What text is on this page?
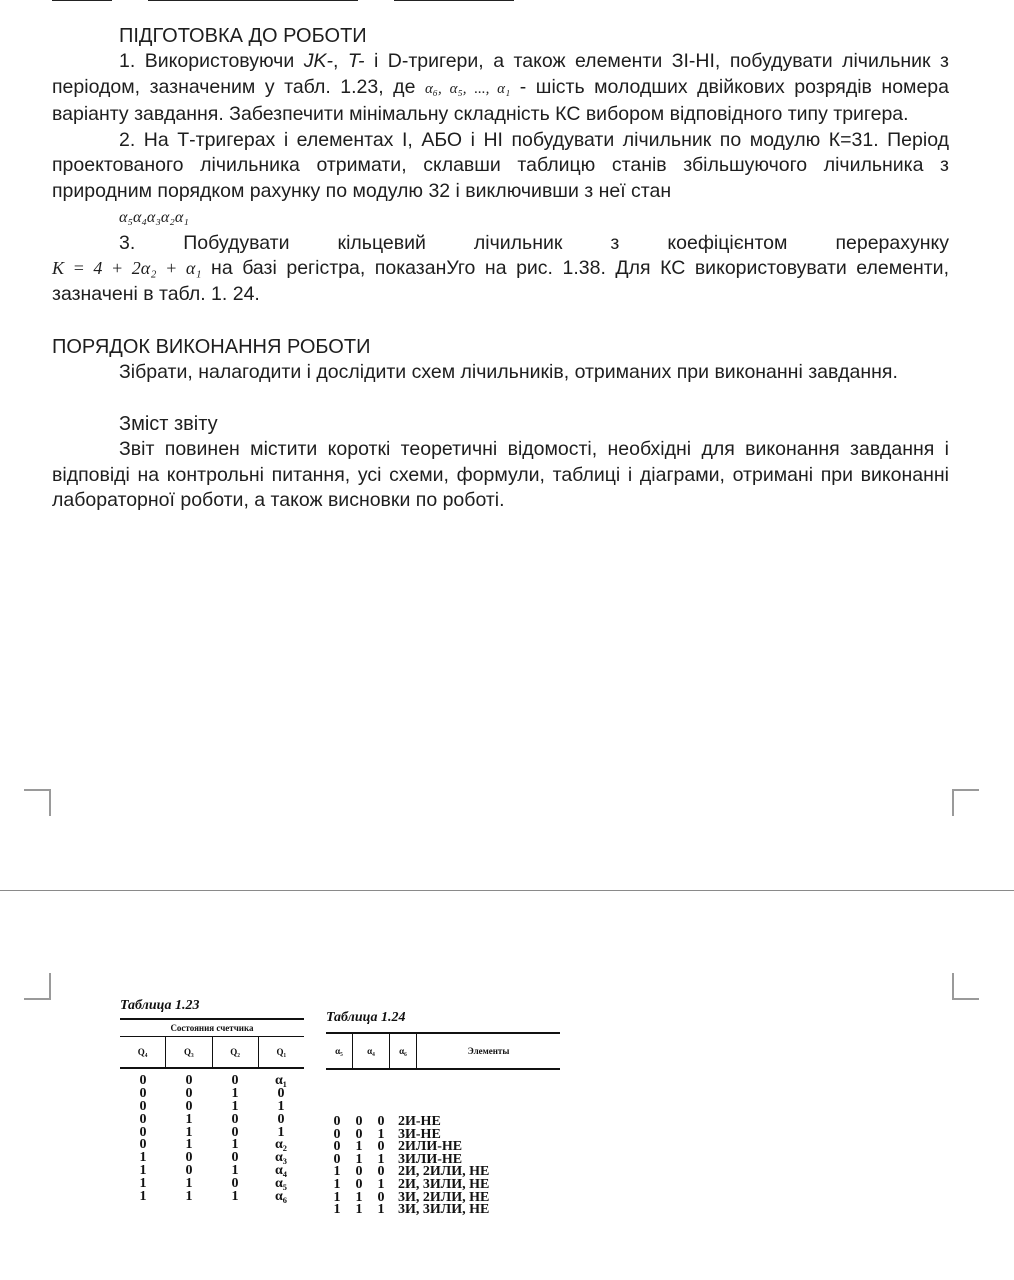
ПІДГОТОВКА ДО РОБОТИ

1. Використовуючи JK-, T- і D-тригери, а також елементи ЗІ-НІ, побудувати лічильник з періодом, зазначеним у табл. 1.23, де α₆, α₅, ..., α₁ - шість молодших двійкових розрядів номера варіанту завдання. Забезпечити мінімальну складність КС вибором відповідного типу тригера.

2. На Т-тригерах і елементах І, АБО і НІ побудувати лічильник по модулю К=31. Період проектованого лічильника отримати, склавши таблицю станів збільшуючого лічильника з природним порядком рахунку по модулю 32 і виключивши з неї стан

α₅α₄α₃α₂α₁

3. Побудувати кільцевий лічильник з коефіцієнтом перерахунку

K = 4 + 2α₂ + α₁ на базі регістра, показанУго на рис. 1.38. Для КС використовувати елементи, зазначені в табл. 1. 24.

ПОРЯДОК ВИКОНАННЯ РОБОТИ

Зібрати, налагодити і дослідити схем лічильників, отриманих при виконанні завдання.

Зміст звіту

Звіт повинен містити короткі теоретичні відомості, необхідні для виконання завдання і відповіді на контрольні питання, усі схеми, формули, таблиці і діаграми, отримані при виконанні лабораторної роботи, а також висновки по роботі.

Таблица 1.23
Состояния счетчика
Q₄	Q₃	Q₂	Q₁
0	0	0	α₁
0	0	1	0
0	0	1	1
0	1	0	0
0	1	0	1
0	1	1	α₂
1	0	0	α₃
1	0	1	α₄
1	1	0	α₅
1	1	1	α₆
Таблица 1.24
α₅	α₄	α₆	Элементы
0	0	0 2И-НЕ
0	0	1 3И-НЕ
0	1	0 2ИЛИ-НЕ
0	1	1 3ИЛИ-НЕ
1	0	0 2И, 2ИЛИ, НЕ
1	0	1 2И, 3ИЛИ, НЕ
1	1	0 3И, 2ИЛИ, НЕ
1	1	1 3И, 3ИЛИ, НЕ
